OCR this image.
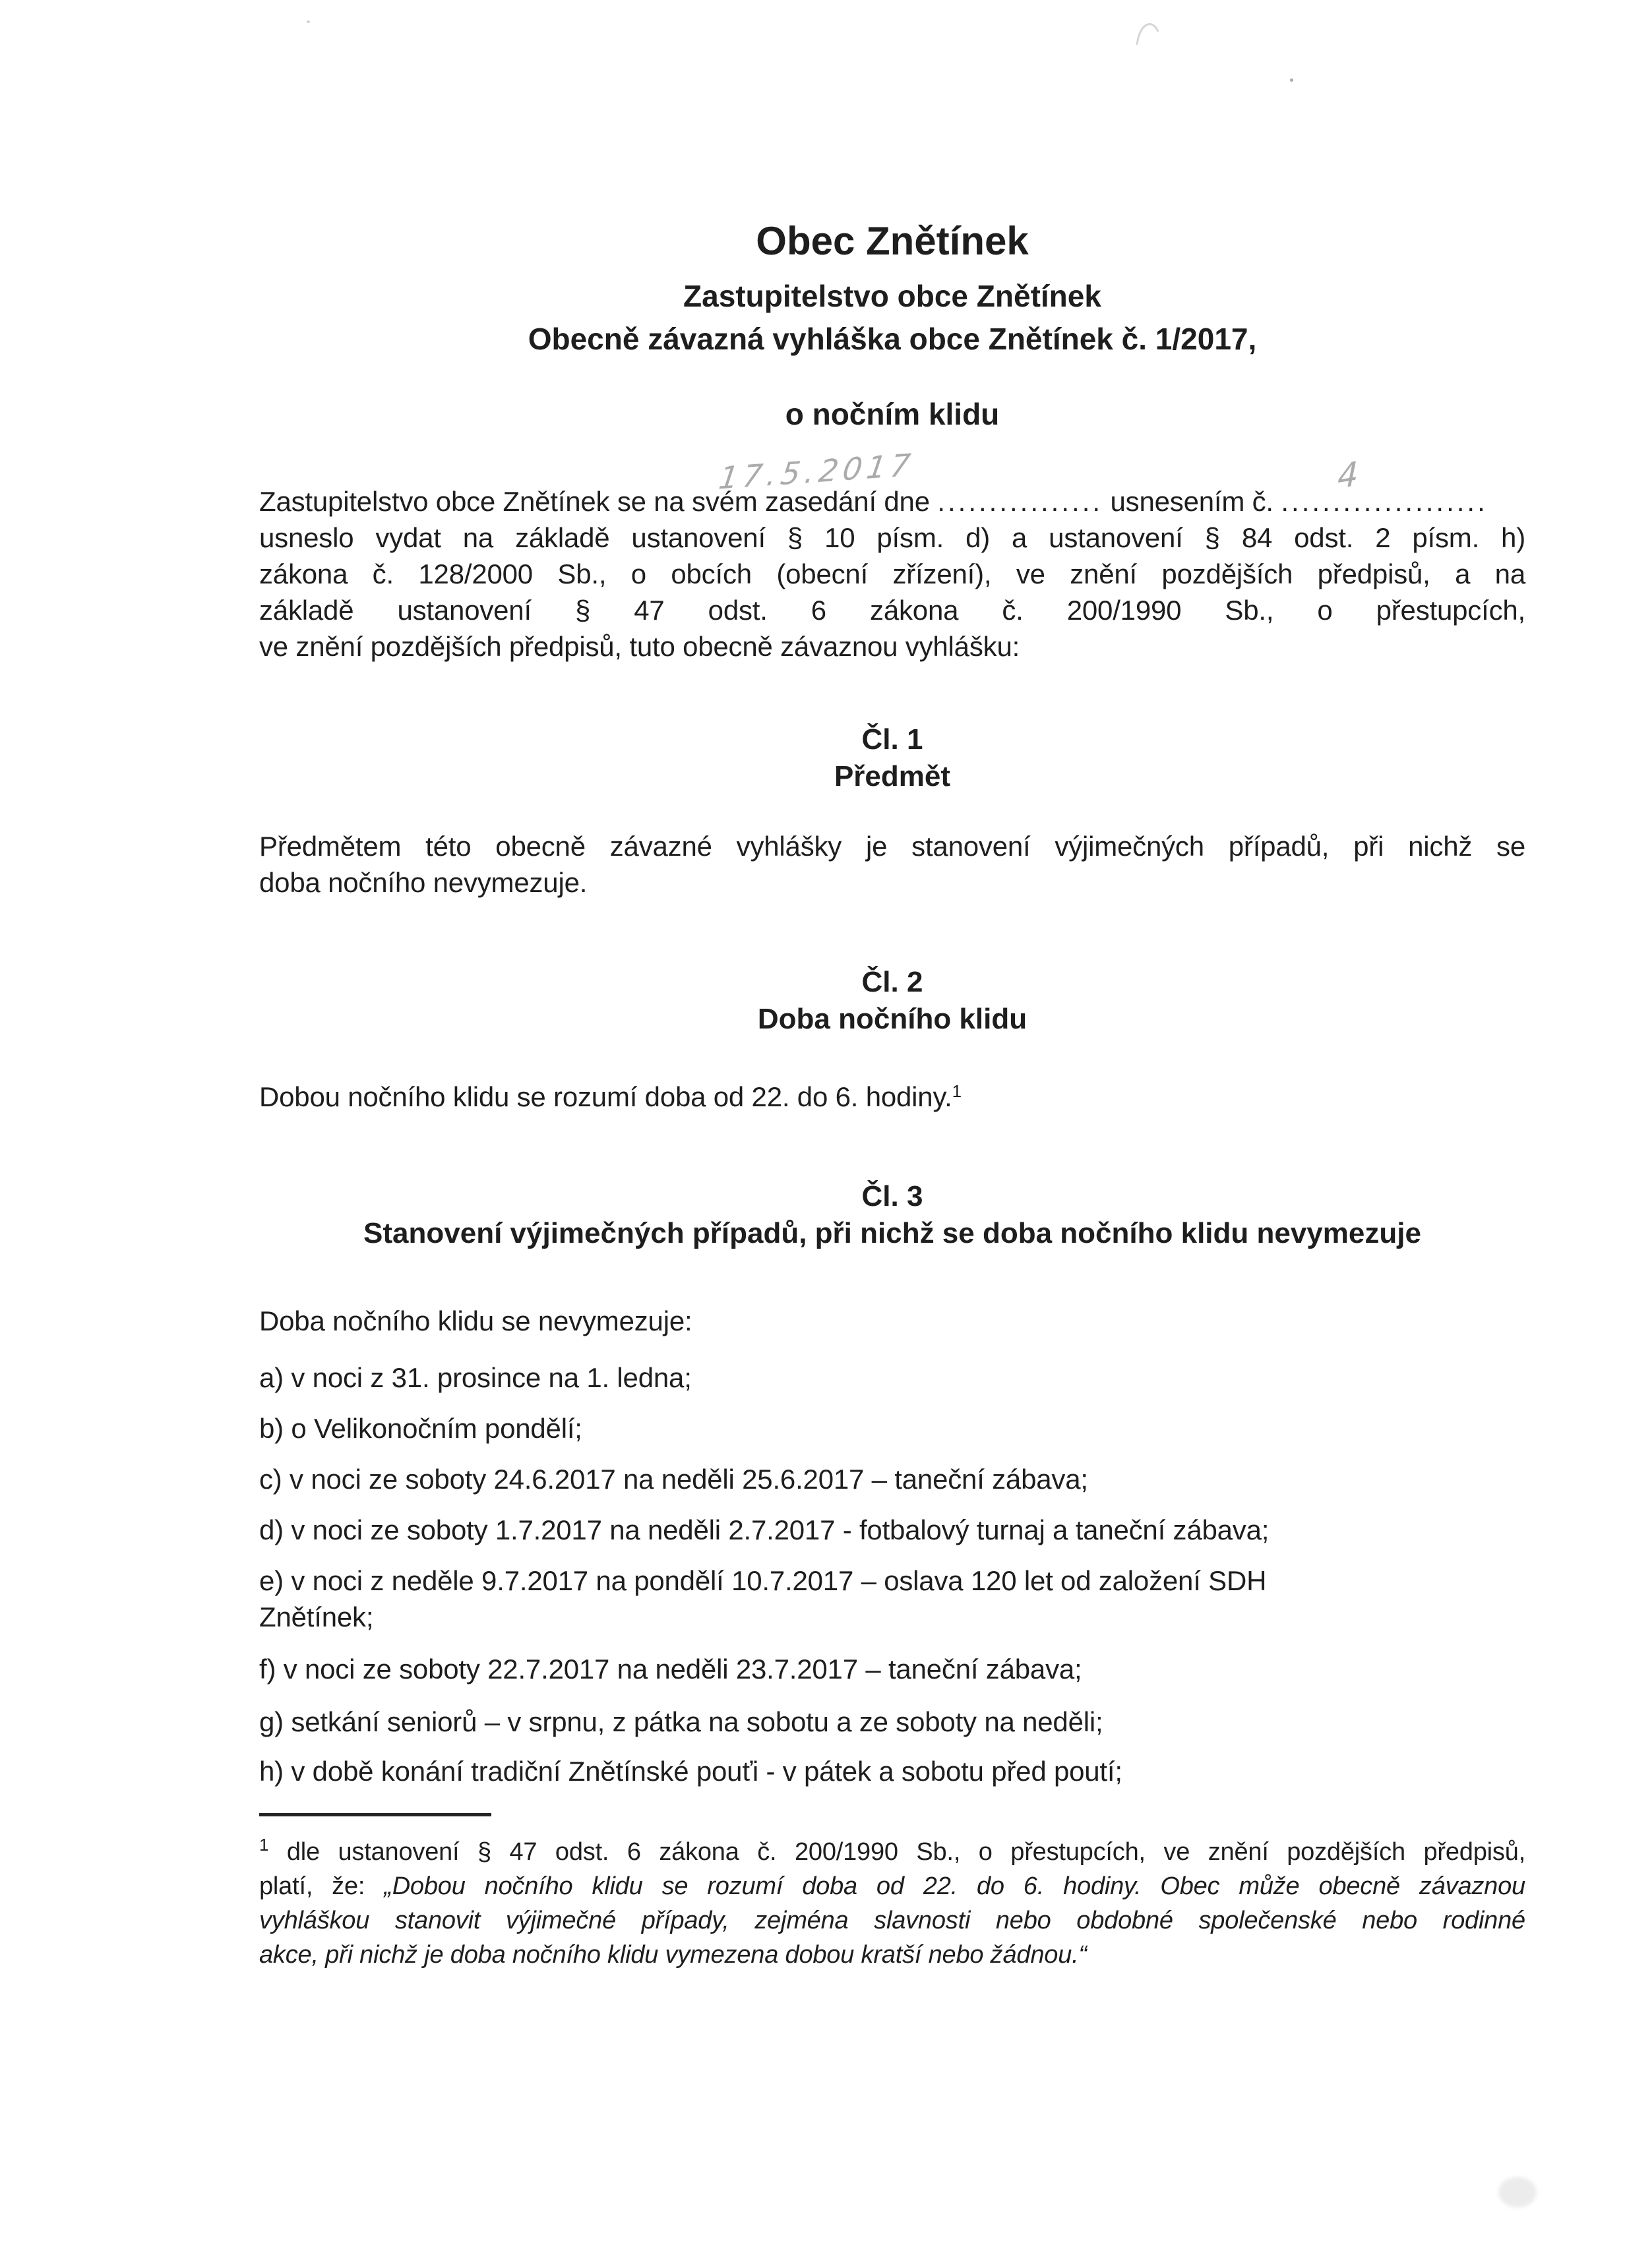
17.5.2017	4
Obec Znětínek
Zastupitelstvo obce Znětínek
Obecně závazná vyhláška obce Znětínek č. 1/2017,
o nočním klidu
Zastupitelstvo obce Znětínek se na svém zasedání dne ................ usnesením č. ....................
usneslo vydat na základě ustanovení § 10 písm. d) a ustanovení § 84 odst. 2 písm. h)
zákona č. 128/2000 Sb., o obcích (obecní zřízení), ve znění pozdějších předpisů, a na
základě ustanovení § 47 odst. 6 zákona č. 200/1990 Sb., o přestupcích,
ve znění pozdějších předpisů, tuto obecně závaznou vyhlášku:
Čl. 1
Předmět
Předmětem této obecně závazné vyhlášky je stanovení výjimečných případů, při nichž se
doba nočního nevymezuje.
Čl. 2
Doba nočního klidu
Dobou nočního klidu se rozumí doba od 22. do 6. hodiny.$^1$
Čl. 3
Stanovení výjimečných případů, při nichž se doba nočního klidu nevymezuje
Doba nočního klidu se nevymezuje:
a) v noci z 31. prosince na 1. ledna;
b) o Velikonočním pondělí;
c) v noci ze soboty 24.6.2017 na neděli 25.6.2017 – taneční zábava;
d) v noci ze soboty 1.7.2017 na neděli 2.7.2017 - fotbalový turnaj a taneční zábava;
e) v noci z neděle 9.7.2017 na pondělí 10.7.2017 – oslava 120 let od založení SDH
Znětínek;
f) v noci ze soboty 22.7.2017 na neděli 23.7.2017 – taneční zábava;
g) setkání seniorů – v srpnu, z pátka na sobotu a ze soboty na neděli;
h) v době konání tradiční Znětínské pouťi - v pátek a sobotu před poutí;
$^1$ dle ustanovení § 47 odst. 6 zákona č. 200/1990 Sb., o přestupcích, ve znění pozdějších předpisů,
platí, že: „Dobou nočního klidu se rozumí doba od 22. do 6. hodiny. Obec může obecně závaznou
vyhláškou stanovit výjimečné případy, zejména slavnosti nebo obdobné společenské nebo rodinné
akce, při nichž je doba nočního klidu vymezena dobou kratší nebo žádnou.“
